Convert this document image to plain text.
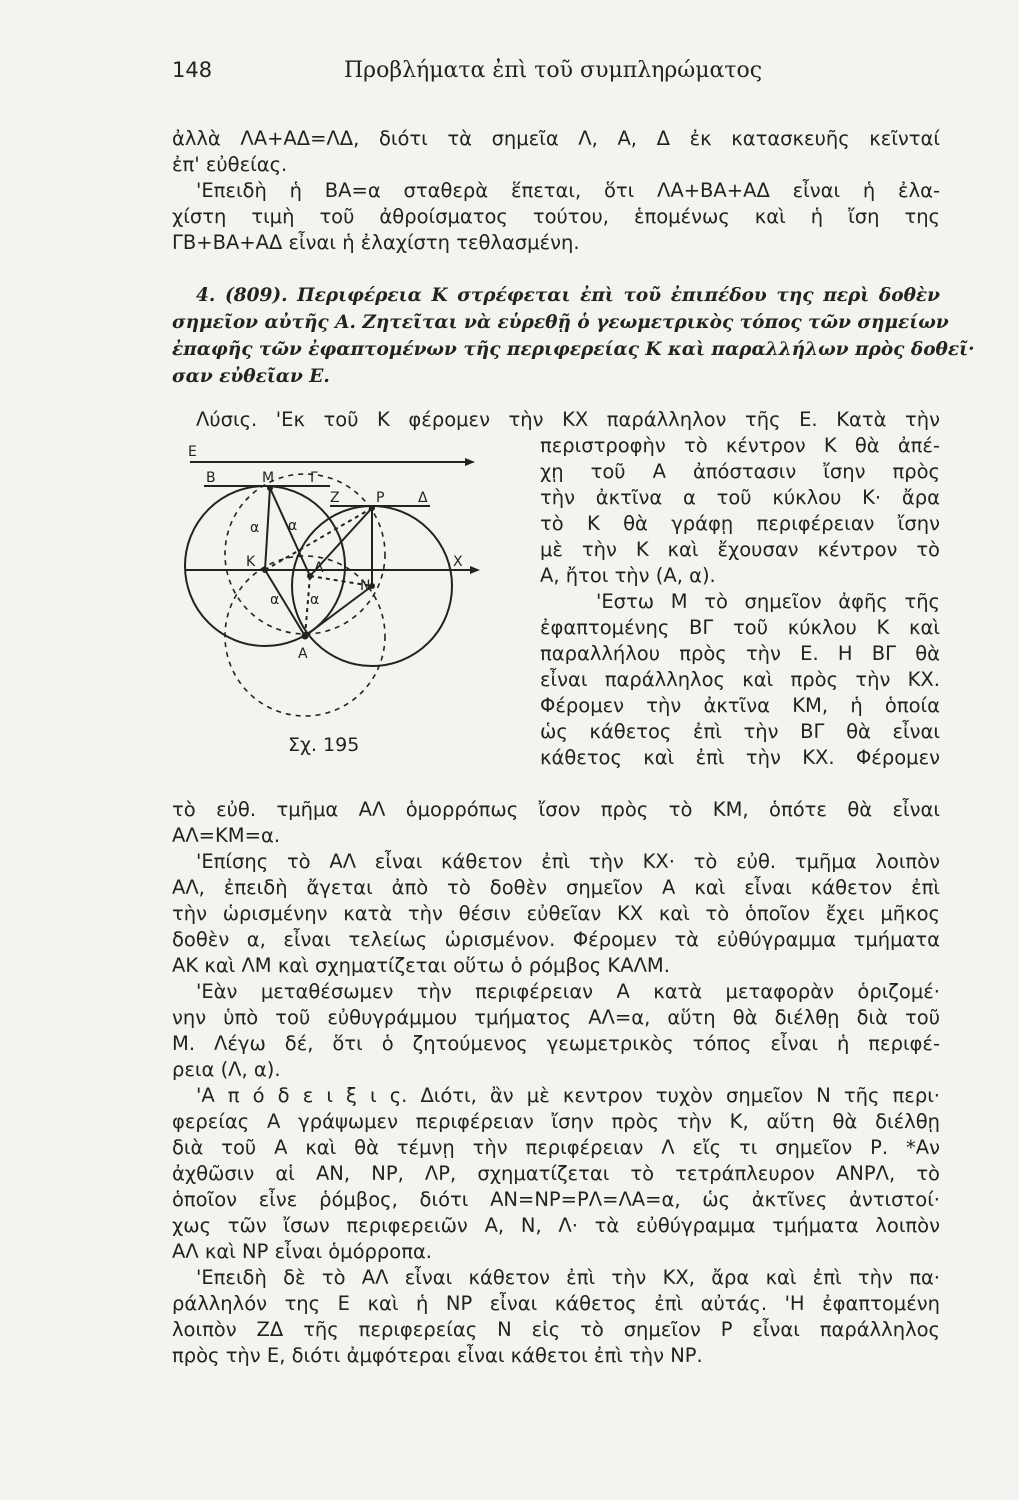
148	Προβλήματα ἐπὶ τοῦ συμπληρώματος
ἀλλὰ ΛΑ+ΑΔ=ΛΔ, διότι τὰ σημεῖα Λ, Α, Δ ἐκ κατασκευῆς κεῖνταί
ἐπ' εὐθείας.
'Επειδὴ ἡ ΒΑ=α σταθερὰ ἕπεται, ὅτι ΛΑ+ΒΑ+ΑΔ εἶναι ἡ ἐλα-
χίστη τιμὴ τοῦ ἀθροίσματος τούτου, ἑπομένως καὶ ἡ ἴση της
ΓΒ+ΒΑ+ΑΔ εἶναι ἡ ἐλαχίστη τεθλασμένη.
4. (809). Περιφέρεια Κ στρέφεται ἐπὶ τοῦ ἐπιπέδου της περὶ δοθὲν
σημεῖον αὐτῆς Α. Ζητεῖται νὰ εὑρεθῇ ὁ γεωμετρικὸς τόπος τῶν σημείων
ἐπαφῆς τῶν ἐφαπτομένων τῆς περιφερείας Κ καὶ παραλλήλων πρὸς δοθεῖ·
σαν εὐθεῖαν Ε.
Λύσις. 'Εκ τοῦ Κ φέρομεν τὴν ΚΧ παράλληλον τῆς Ε. Κατὰ τὴν
περιστροφὴν τὸ κέντρον Κ θὰ ἀπέ-
χῃ τοῦ Α ἀπόστασιν ἴσην πρὸς
τὴν ἀκτῖνα α τοῦ κύκλου Κ· ἄρα
τὸ Κ θὰ γράφῃ περιφέρειαν ἴσην
μὲ τὴν Κ καὶ ἔχουσαν κέντρον τὸ
Α, ἤτοι τὴν (Α, α).
'Εστω Μ τὸ σημεῖον ἀφῆς τῆς
ἐφαπτομένης ΒΓ τοῦ κύκλου Κ καὶ
παραλλήλου πρὸς τὴν Ε. Η ΒΓ θὰ
εἶναι παράλληλος καὶ πρὸς τὴν ΚΧ.
Φέρομεν τὴν ἀκτῖνα ΚΜ, ἡ ὁποία
ὡς κάθετος ἐπὶ τὴν ΒΓ θὰ εἶναι
κάθετος καὶ ἐπὶ τὴν ΚΧ. Φέρομεν
Ε
Β	Μ	Γ
Ζ	Ρ Δ
α α
Κ	Λ
Ν
Χ
α α
Α
Σχ. 195
τὸ εὐθ. τμῆμα ΑΛ ὁμορρόπως ἴσον πρὸς τὸ ΚΜ, ὁπότε θὰ εἶναι
ΑΛ=ΚΜ=α.
'Επίσης τὸ ΑΛ εἶναι κάθετον ἐπὶ τὴν ΚΧ· τὸ εὐθ. τμῆμα λοιπὸν
ΑΛ, ἐπειδὴ ἄγεται ἀπὸ τὸ δοθὲν σημεῖον Α καὶ εἶναι κάθετον ἐπὶ
τὴν ὡρισμένην κατὰ τὴν θέσιν εὐθεῖαν ΚΧ καὶ τὸ ὁποῖον ἔχει μῆκος
δοθὲν α, εἶναι τελείως ὡρισμένον. Φέρομεν τὰ εὐθύγραμμα τμήματα
ΑΚ καὶ ΛΜ καὶ σχηματίζεται οὕτω ὁ ρόμβος ΚΑΛΜ.
'Εὰν μεταθέσωμεν τὴν περιφέρειαν Α κατὰ μεταφορὰν ὁριζομέ·
νην ὑπὸ τοῦ εὐθυγράμμου τμήματος ΑΛ=α, αὕτη θὰ διέλθῃ διὰ τοῦ
Μ. Λέγω δέ, ὅτι ὁ ζητούμενος γεωμετρικὸς τόπος εἶναι ἡ περιφέ-
ρεια (Λ, α).
'Α π ό δ ε ι ξ ι ς. Διότι, ἂν μὲ κεντρον τυχὸν σημεῖον Ν τῆς περι·
φερείας Α γράψωμεν περιφέρειαν ἴσην πρὸς τὴν Κ, αὕτη θὰ διέλθῃ
διὰ τοῦ Α καὶ θὰ τέμνῃ τὴν περιφέρειαν Λ εἴς τι σημεῖον Ρ. *Αν
ἀχθῶσιν αἱ ΑΝ, ΝΡ, ΛΡ, σχηματίζεται τὸ τετράπλευρον ΑΝΡΛ, τὸ
ὁποῖον εἶνε ῥόμβος, διότι ΑΝ=ΝΡ=ΡΛ=ΛΑ=α, ὡς ἀκτῖνες ἀντιστοί·
χως τῶν ἴσων περιφερειῶν Α, Ν, Λ· τὰ εὐθύγραμμα τμήματα λοιπὸν
ΑΛ καὶ ΝΡ εἶναι ὁμόρροπα.
'Επειδὴ δὲ τὸ ΑΛ εἶναι κάθετον ἐπὶ τὴν ΚΧ, ἄρα καὶ ἐπὶ τὴν πα·
ράλληλόν της Ε καὶ ἡ ΝΡ εἶναι κάθετος ἐπὶ αὐτάς. 'Η ἐφαπτομένη
λοιπὸν ΖΔ τῆς περιφερείας Ν εἰς τὸ σημεῖον Ρ εἶναι παράλληλος
πρὸς τὴν Ε, διότι ἀμφότεραι εἶναι κάθετοι ἐπὶ τὴν ΝΡ.
